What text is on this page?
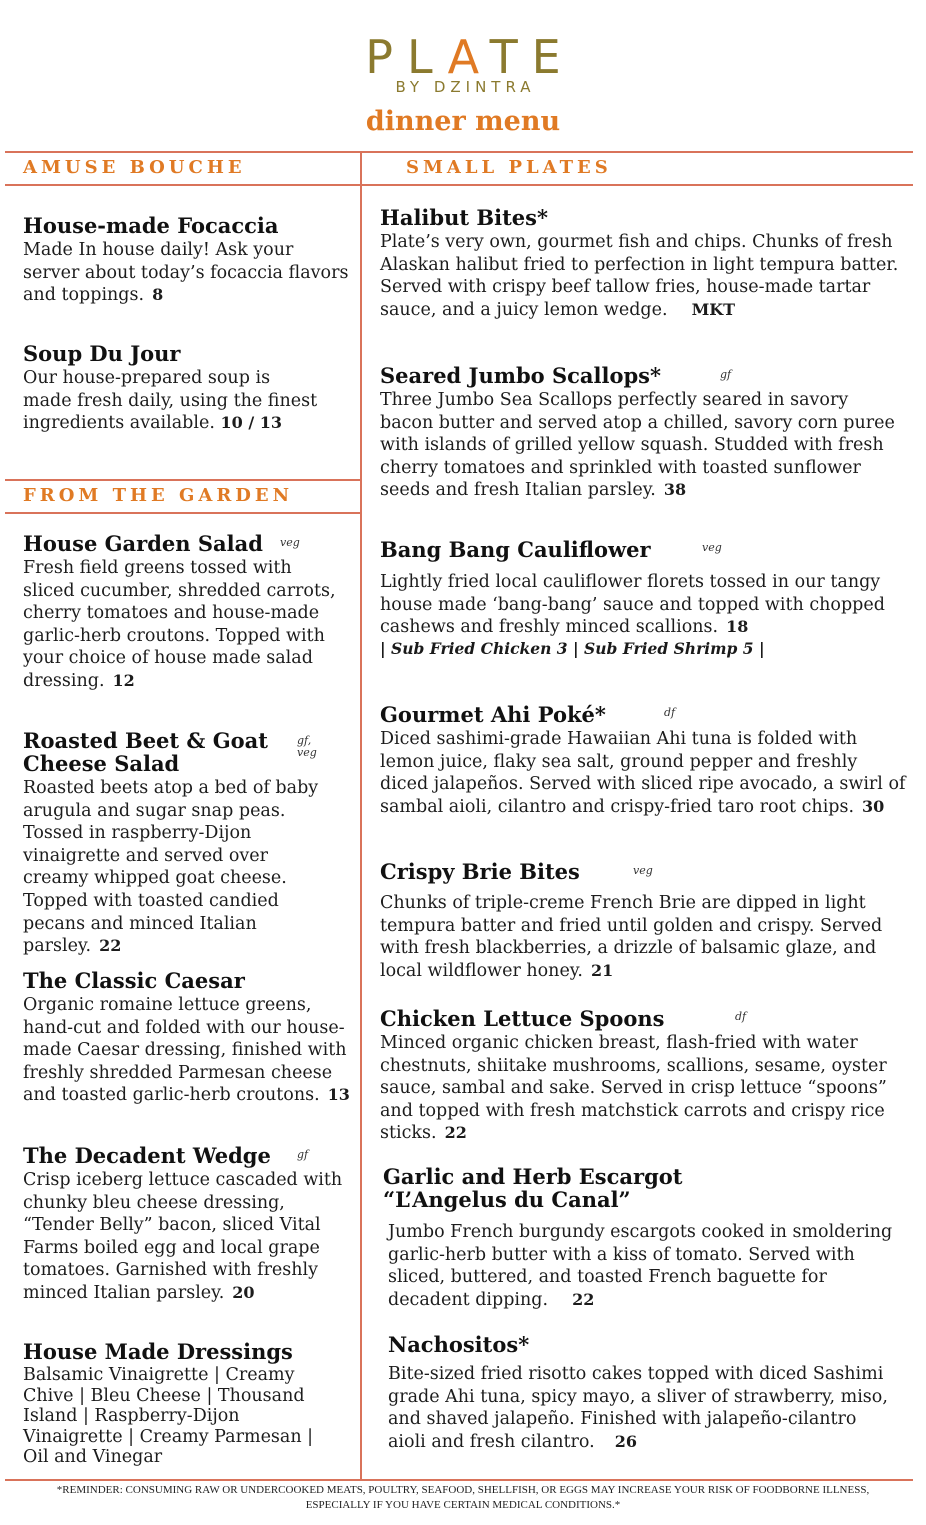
PLATE
BY DZINTRA
dinner menu
AMUSE BOUCHE	SMALL PLATES
FROM THE GARDEN
House-made Focaccia
Made In house daily! Ask your server about today’s focaccia flavors and toppings. 8
Soup Du Jour
Our house-prepared soup is made fresh daily, using the finest ingredients available. 10 / 13
House Garden Salad
Fresh field greens tossed with sliced cucumber, shredded carrots, cherry tomatoes and house-made garlic-herb croutons. Topped with your choice of house made salad dressing. 12
veg
Roasted Beet & Goat Cheese Salad
Roasted beets atop a bed of baby arugula and sugar snap peas. Tossed in raspberry-Dijon vinaigrette and served over creamy whipped goat cheese. Topped with toasted candied pecans and minced Italian parsley. 22
gf, veg
The Classic Caesar
Organic romaine lettuce greens, hand-cut and folded with our house-made Caesar dressing, finished with freshly shredded Parmesan cheese and toasted garlic-herb croutons. 13
The Decadent Wedge
Crisp iceberg lettuce cascaded with chunky bleu cheese dressing, “Tender Belly” bacon, sliced Vital Farms boiled egg and local grape tomatoes. Garnished with freshly minced Italian parsley. 20
gf
House Made Dressings
Balsamic Vinaigrette | Creamy Chive | Bleu Cheese | Thousand Island | Raspberry-Dijon Vinaigrette | Creamy Parmesan | Oil and Vinegar
Halibut Bites*
Plate’s very own, gourmet fish and chips. Chunks of fresh Alaskan halibut fried to perfection in light tempura batter. Served with crispy beef tallow fries, house-made tartar sauce, and a juicy lemon wedge. MKT
Seared Jumbo Scallops*
Three Jumbo Sea Scallops perfectly seared in savory bacon butter and served atop a chilled, savory corn puree with islands of grilled yellow squash. Studded with fresh cherry tomatoes and sprinkled with toasted sunflower seeds and fresh Italian parsley. 38
gf
Bang Bang Cauliflower
Lightly fried local cauliflower florets tossed in our tangy house made ‘bang-bang’ sauce and topped with chopped cashews and freshly minced scallions. 18
| Sub Fried Chicken 3 | Sub Fried Shrimp 5 |
veg
Gourmet Ahi Poké*
Diced sashimi-grade Hawaiian Ahi tuna is folded with lemon juice, flaky sea salt, ground pepper and freshly diced jalapeños. Served with sliced ripe avocado, a swirl of sambal aioli, cilantro and crispy-fried taro root chips. 30
df
Crispy Brie Bites
Chunks of triple-creme French Brie are dipped in light tempura batter and fried until golden and crispy. Served with fresh blackberries, a drizzle of balsamic glaze, and local wildflower honey. 21
veg
Chicken Lettuce Spoons
Minced organic chicken breast, flash-fried with water chestnuts, shiitake mushrooms, scallions, sesame, oyster sauce, sambal and sake. Served in crisp lettuce “spoons” and topped with fresh matchstick carrots and crispy rice sticks. 22
df
Garlic and Herb Escargot “L’Angelus du Canal”
Jumbo French burgundy escargots cooked in smoldering garlic-herb butter with a kiss of tomato. Served with sliced, buttered, and toasted French baguette for decadent dipping. 22
Nachositos*
Bite-sized fried risotto cakes topped with diced Sashimi grade Ahi tuna, spicy mayo, a sliver of strawberry, miso, and shaved jalapeño. Finished with jalapeño-cilantro aioli and fresh cilantro. 26
*REMINDER: CONSUMING RAW OR UNDERCOOKED MEATS, POULTRY, SEAFOOD, SHELLFISH, OR EGGS MAY INCREASE YOUR RISK OF FOODBORNE ILLNESS, ESPECIALLY IF YOU HAVE CERTAIN MEDICAL CONDITIONS.*
